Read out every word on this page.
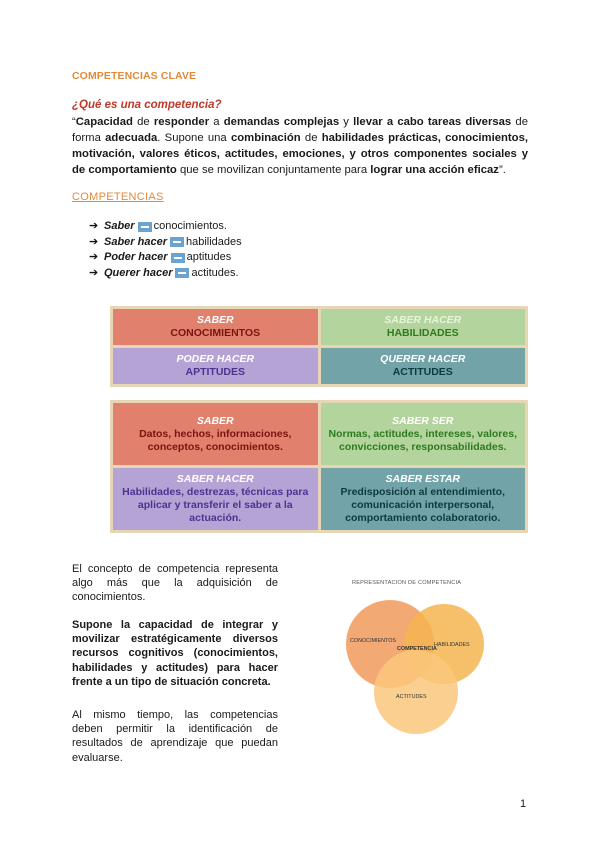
COMPETENCIAS CLAVE
¿Qué es una competencia?
“Capacidad de responder a demandas complejas y llevar a cabo tareas diversas de forma adecuada. Supone una combinación de habilidades prácticas, conocimientos, motivación, valores éticos, actitudes, emociones, y otros componentes sociales y de comportamiento que se movilizan conjuntamente para lograr una acción eficaz”.
COMPETENCIAS
➔ Saber conocimientos.
➔ Saber hacer habilidades
➔ Poder hacer aptitudes
➔ Querer hacer actitudes.
SABER
CONOCIMIENTOS
SABER HACER
HABILIDADES
PODER HACER
APTITUDES
QUERER HACER
ACTITUDES
SABER
Datos, hechos, informaciones, conceptos, conocimientos.
SABER SER
Normas, actitudes, intereses, valores, convicciones, responsabilidades.
SABER HACER
Habilidades, destrezas, técnicas para aplicar y transferir el saber a la actuación.
SABER ESTAR
Predisposición al entendimiento, comunicación interpersonal, comportamiento colaboratorio.
El concepto de competencia representa algo más que la adquisición de conocimientos.
Supone la capacidad de integrar y movilizar estratégicamente diversos recursos cognitivos (conocimientos, habilidades y actitudes) para hacer frente a un tipo de situación concreta.
Al mismo tiempo, las competencias deben permitir la identificación de resultados de aprendizaje que puedan evaluarse.
REPRESENTACION DE COMPETENCIA
CONOCIMIENTOS
HABILIDADES
COMPETENCIA
ACTITUDES
1
